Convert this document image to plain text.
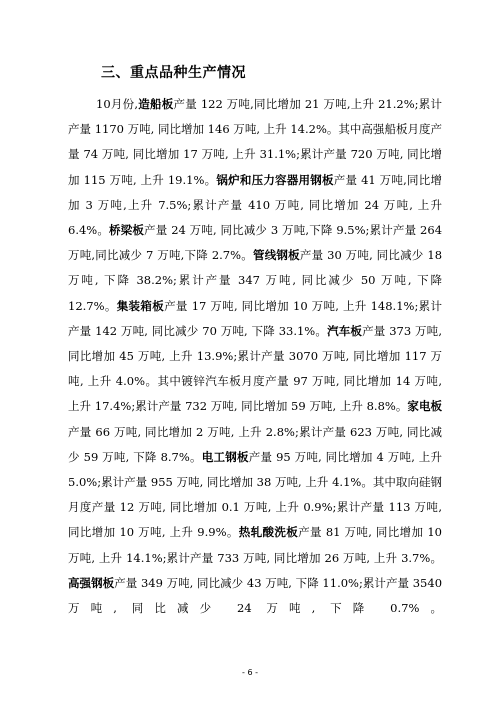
三、重点品种生产情况

10月份,造船板产量 122 万吨,同比增加 21 万吨,上升 21.2%;累计产量 1170 万吨, 同比增加 146 万吨, 上升 14.2%。其中高强船板月度产量 74 万吨, 同比增加 17 万吨, 上升 31.1%;累计产量 720 万吨, 同比增加 115 万吨, 上升 19.1%。锅炉和压力容器用钢板产量 41 万吨,同比增加 3 万吨,上升 7.5%;累计产量 410 万吨, 同比增加 24 万吨, 上升 6.4%。桥梁板产量 24 万吨, 同比减少 3 万吨,下降 9.5%;累计产量 264 万吨,同比减少 7 万吨,下降 2.7%。管线钢板产量 30 万吨, 同比减少 18 万吨, 下降 38.2%;累计产量 347 万吨, 同比减少 50 万吨, 下降 12.7%。集装箱板产量 17 万吨, 同比增加 10 万吨, 上升 148.1%;累计产量 142 万吨, 同比减少 70 万吨, 下降 33.1%。汽车板产量 373 万吨, 同比增加 45 万吨, 上升 13.9%;累计产量 3070 万吨, 同比增加 117 万吨, 上升 4.0%。其中镀锌汽车板月度产量 97 万吨, 同比增加 14 万吨, 上升 17.4%;累计产量 732 万吨, 同比增加 59 万吨, 上升 8.8%。家电板产量 66 万吨, 同比增加 2 万吨, 上升 2.8%;累计产量 623 万吨, 同比减少 59 万吨, 下降 8.7%。电工钢板产量 95 万吨, 同比增加 4 万吨, 上升 5.0%;累计产量 955 万吨, 同比增加 38 万吨, 上升 4.1%。其中取向硅钢月度产量 12 万吨, 同比增加 0.1 万吨, 上升 0.9%;累计产量 113 万吨, 同比增加 10 万吨, 上升 9.9%。热轧酸洗板产量 81 万吨, 同比增加 10 万吨, 上升 14.1%;累计产量 733 万吨, 同比增加 26 万吨, 上升 3.7%。高强钢板产量 349 万吨, 同比减少 43 万吨, 下降 11.0%;累计产量 3540 万吨, 同比减少 24 万吨, 下降 0.7%。

- 6 -
